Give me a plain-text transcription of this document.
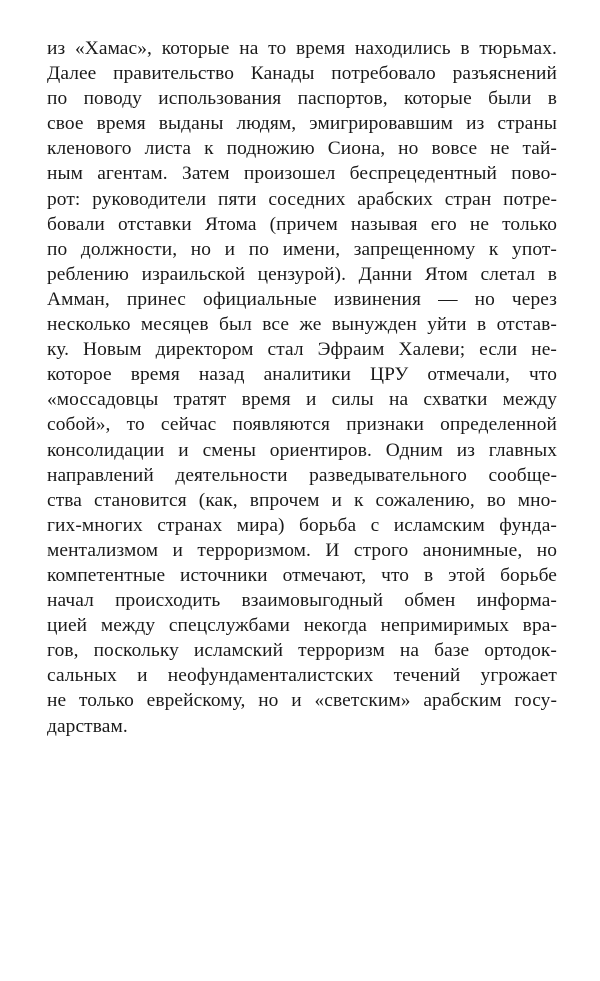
из «Хамас», которые на то время находились в тюрьмах.
Далее правительство Канады потребовало разъяснений
по поводу использования паспортов, которые были в
свое время выданы людям, эмигрировавшим из страны
кленового листа к подножию Сиона, но вовсе не тай-
ным агентам. Затем произошел беспрецедентный пово-
рот: руководители пяти соседних арабских стран потре-
бовали отставки Ятома (причем называя его не только
по должности, но и по имени, запрещенному к упот-
реблению израильской цензурой). Данни Ятом слетал в
Амман, принес официальные извинения — но через
несколько месяцев был все же вынужден уйти в отстав-
ку. Новым директором стал Эфраим Халеви; если не-
которое время назад аналитики ЦРУ отмечали, что
«моссадовцы тратят время и силы на схватки между
собой», то сейчас появляются признаки определенной
консолидации и смены ориентиров. Одним из главных
направлений деятельности разведывательного сообще-
ства становится (как, впрочем и к сожалению, во мно-
гих-многих странах мира) борьба с исламским фунда-
ментализмом и терроризмом. И строго анонимные, но
компетентные источники отмечают, что в этой борьбе
начал происходить взаимовыгодный обмен информа-
цией между спецслужбами некогда непримиримых вра-
гов, поскольку исламский терроризм на базе ортодок-
сальных и неофундаменталистских течений угрожает
не только еврейскому, но и «светским» арабским госу-
дарствам.
